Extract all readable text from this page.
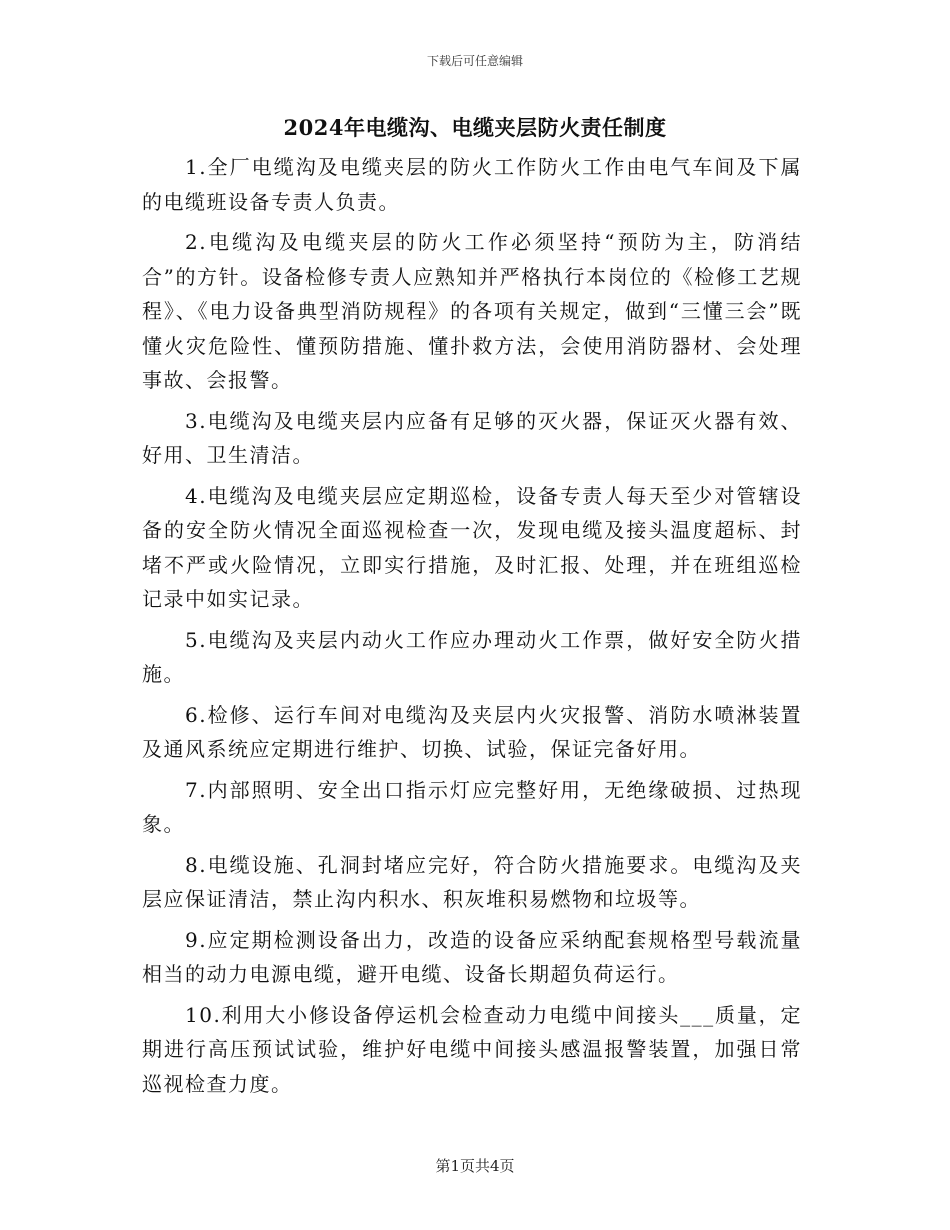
下载后可任意编辑
2024年电缆沟、电缆夹层防火责任制度

1.全厂电缆沟及电缆夹层的防火工作防火工作由电气车间及下属的电缆班设备专责人负责。

2.电缆沟及电缆夹层的防火工作必须坚持“预防为主，防消结合”的方针。设备检修专责人应熟知并严格执行本岗位的《检修工艺规程》、《电力设备典型消防规程》的各项有关规定，做到“三懂三会”既懂火灾危险性、懂预防措施、懂扑救方法，会使用消防器材、会处理事故、会报警。

3.电缆沟及电缆夹层内应备有足够的灭火器，保证灭火器有效、好用、卫生清洁。

4.电缆沟及电缆夹层应定期巡检，设备专责人每天至少对管辖设备的安全防火情况全面巡视检查一次，发现电缆及接头温度超标、封堵不严或火险情况，立即实行措施，及时汇报、处理，并在班组巡检记录中如实记录。

5.电缆沟及夹层内动火工作应办理动火工作票，做好安全防火措施。

6.检修、运行车间对电缆沟及夹层内火灾报警、消防水喷淋装置及通风系统应定期进行维护、切换、试验，保证完备好用。

7.内部照明、安全出口指示灯应完整好用，无绝缘破损、过热现象。

8.电缆设施、孔洞封堵应完好，符合防火措施要求。电缆沟及夹层应保证清洁，禁止沟内积水、积灰堆积易燃物和垃圾等。

9.应定期检测设备出力，改造的设备应采纳配套规格型号载流量相当的动力电源电缆，避开电缆、设备长期超负荷运行。

10.利用大小修设备停运机会检查动力电缆中间接头___质量，定期进行高压预试试验，维护好电缆中间接头感温报警装置，加强日常巡视检查力度。

第1页共4页
